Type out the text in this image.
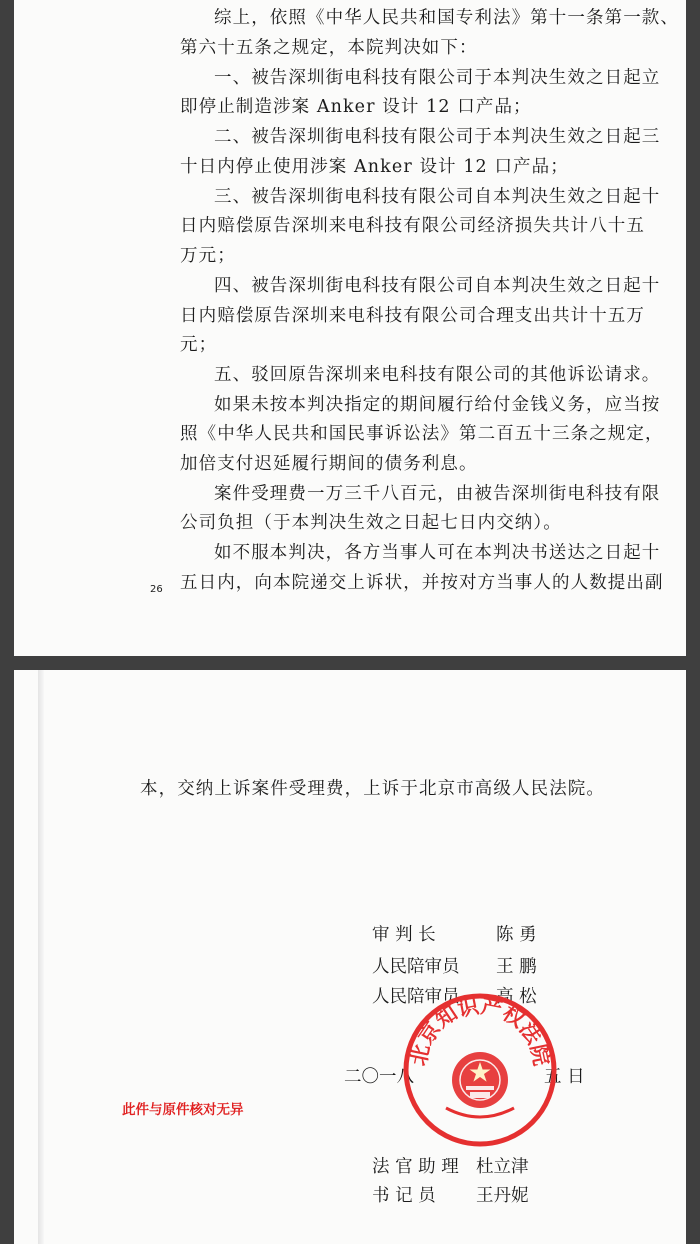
综上，依照《中华人民共和国专利法》第十一条第一款、
第六十五条之规定，本院判决如下：
一、被告深圳街电科技有限公司于本判决生效之日起立
即停止制造涉案 Anker 设计 12 口产品；
二、被告深圳街电科技有限公司于本判决生效之日起三
十日内停止使用涉案 Anker 设计 12 口产品；
三、被告深圳街电科技有限公司自本判决生效之日起十
日内赔偿原告深圳来电科技有限公司经济损失共计八十五
万元；
四、被告深圳街电科技有限公司自本判决生效之日起十
日内赔偿原告深圳来电科技有限公司合理支出共计十五万
元；
五、驳回原告深圳来电科技有限公司的其他诉讼请求。
如果未按本判决指定的期间履行给付金钱义务，应当按
照《中华人民共和国民事诉讼法》第二百五十三条之规定，
加倍支付迟延履行期间的债务利息。
案件受理费一万三千八百元，由被告深圳街电科技有限
公司负担（于本判决生效之日起七日内交纳）。
如不服本判决，各方当事人可在本判决书送达之日起十
五日内，向本院递交上诉状，并按对方当事人的人数提出副
26
本，交纳上诉案件受理费，上诉于北京市高级人民法院。
审 判 长	陈 勇
人民陪审员 王 鹏
人民陪审员 高 松
二〇一八	五 日
法 官 助 理 杜立津
书 记 员 王丹妮
此件与原件核对无异
北京知识产权法院
